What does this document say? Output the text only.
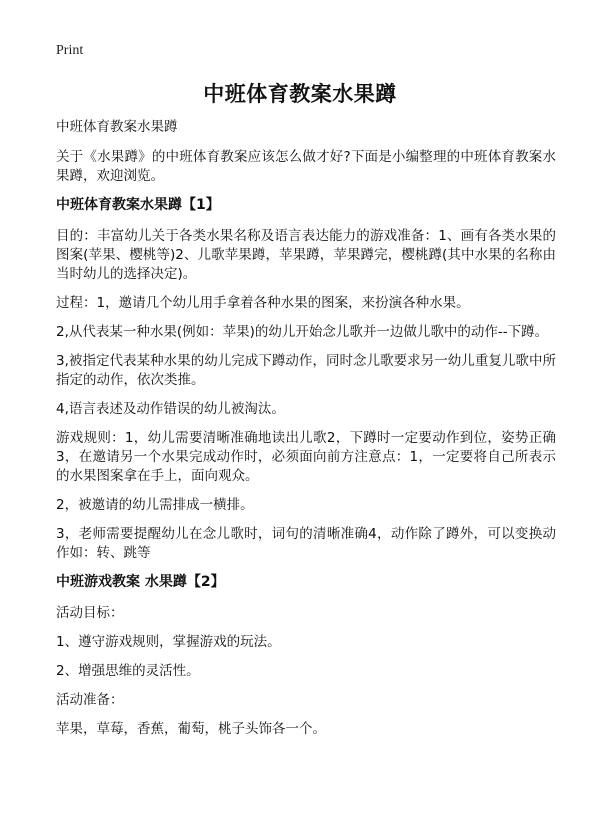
Print
中班体育教案水果蹲

中班体育教案水果蹲

关于《水果蹲》的中班体育教案应该怎么做才好?下面是小编整理的中班体育教案水果蹲，欢迎浏览。

中班体育教案水果蹲【1】

目的：丰富幼儿关于各类水果名称及语言表达能力的游戏准备：1、画有各类水果的图案(苹果、樱桃等)2、儿歌苹果蹲，苹果蹲，苹果蹲完，樱桃蹲(其中水果的名称由当时幼儿的选择决定)。

过程：1，邀请几个幼儿用手拿着各种水果的图案，来扮演各种水果。

2,从代表某一种水果(例如：苹果)的幼儿开始念儿歌并一边做儿歌中的动作--下蹲。

3,被指定代表某种水果的幼儿完成下蹲动作，同时念儿歌要求另一幼儿重复儿歌中所指定的动作，依次类推。

4,语言表述及动作错误的幼儿被淘汰。

游戏规则：1，幼儿需要清晰准确地读出儿歌2，下蹲时一定要动作到位，姿势正确3，在邀请另一个水果完成动作时，必须面向前方注意点：1，一定要将自己所表示的水果图案拿在手上，面向观众。

2，被邀请的幼儿需排成一横排。

3，老师需要提醒幼儿在念儿歌时，词句的清晰准确4，动作除了蹲外，可以变换动作如：转、跳等

中班游戏教案 水果蹲【2】

活动目标：

1、遵守游戏规则，掌握游戏的玩法。

2、增强思维的灵活性。

活动准备：

苹果，草莓，香蕉，葡萄，桃子头饰各一个。
